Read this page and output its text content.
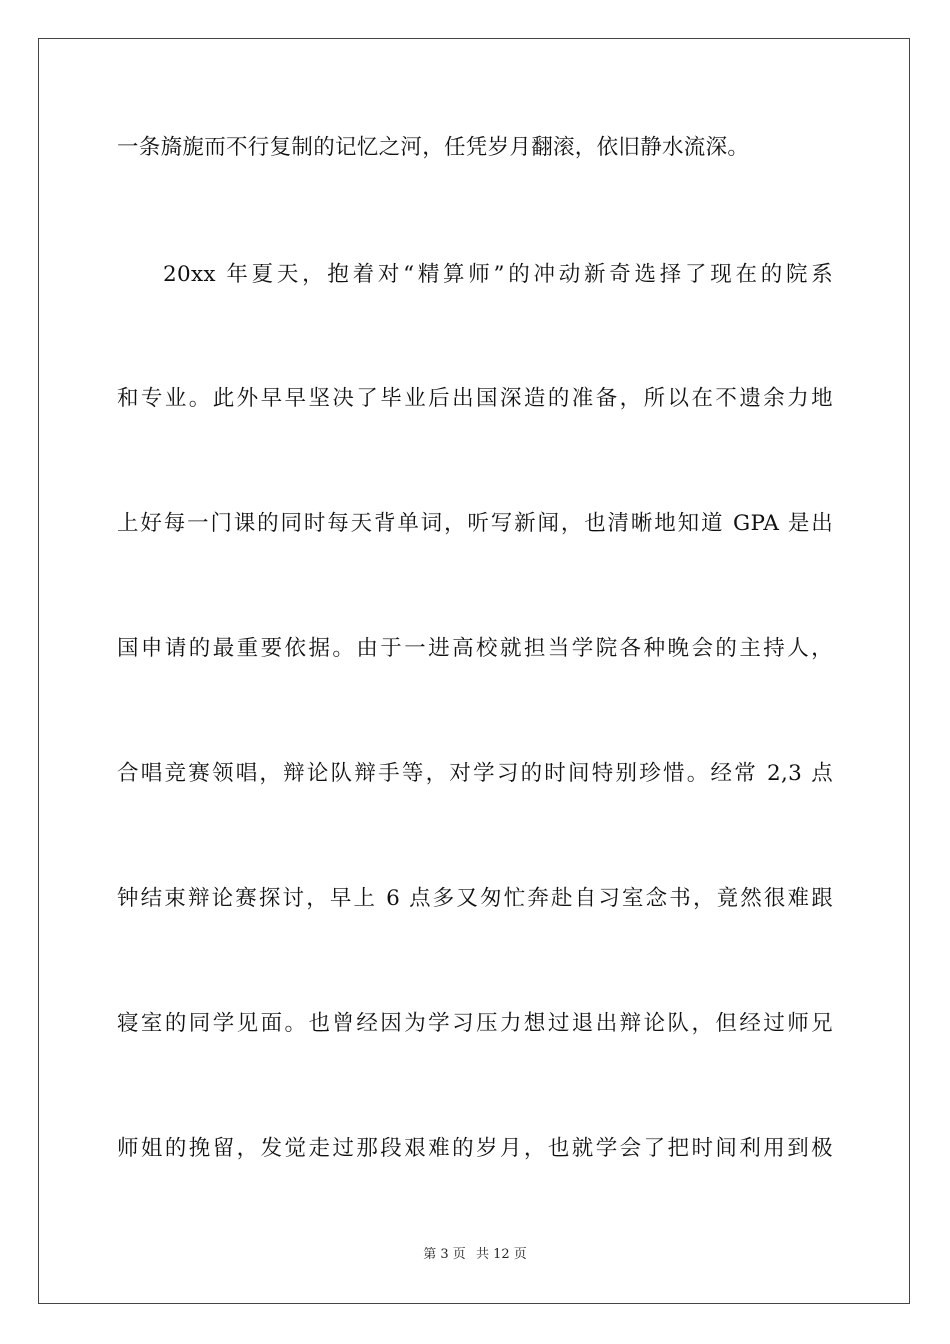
一条旖旎而不行复制的记忆之河，任凭岁月翻滚，依旧静水流深。
20xx 年夏天，抱着对“精算师”的冲动新奇选择了现在的院系
和专业。此外早早坚决了毕业后出国深造的准备，所以在不遗余力地
上好每一门课的同时每天背单词，听写新闻，也清晰地知道 GPA 是出
国申请的最重要依据。由于一进高校就担当学院各种晚会的主持人，
合唱竞赛领唱，辩论队辩手等，对学习的时间特别珍惜。经常 2,3 点
钟结束辩论赛探讨，早上 6 点多又匆忙奔赴自习室念书，竟然很难跟
寝室的同学见面。也曾经因为学习压力想过退出辩论队，但经过师兄
师姐的挽留，发觉走过那段艰难的岁月，也就学会了把时间利用到极
第 3 页 共 12 页
